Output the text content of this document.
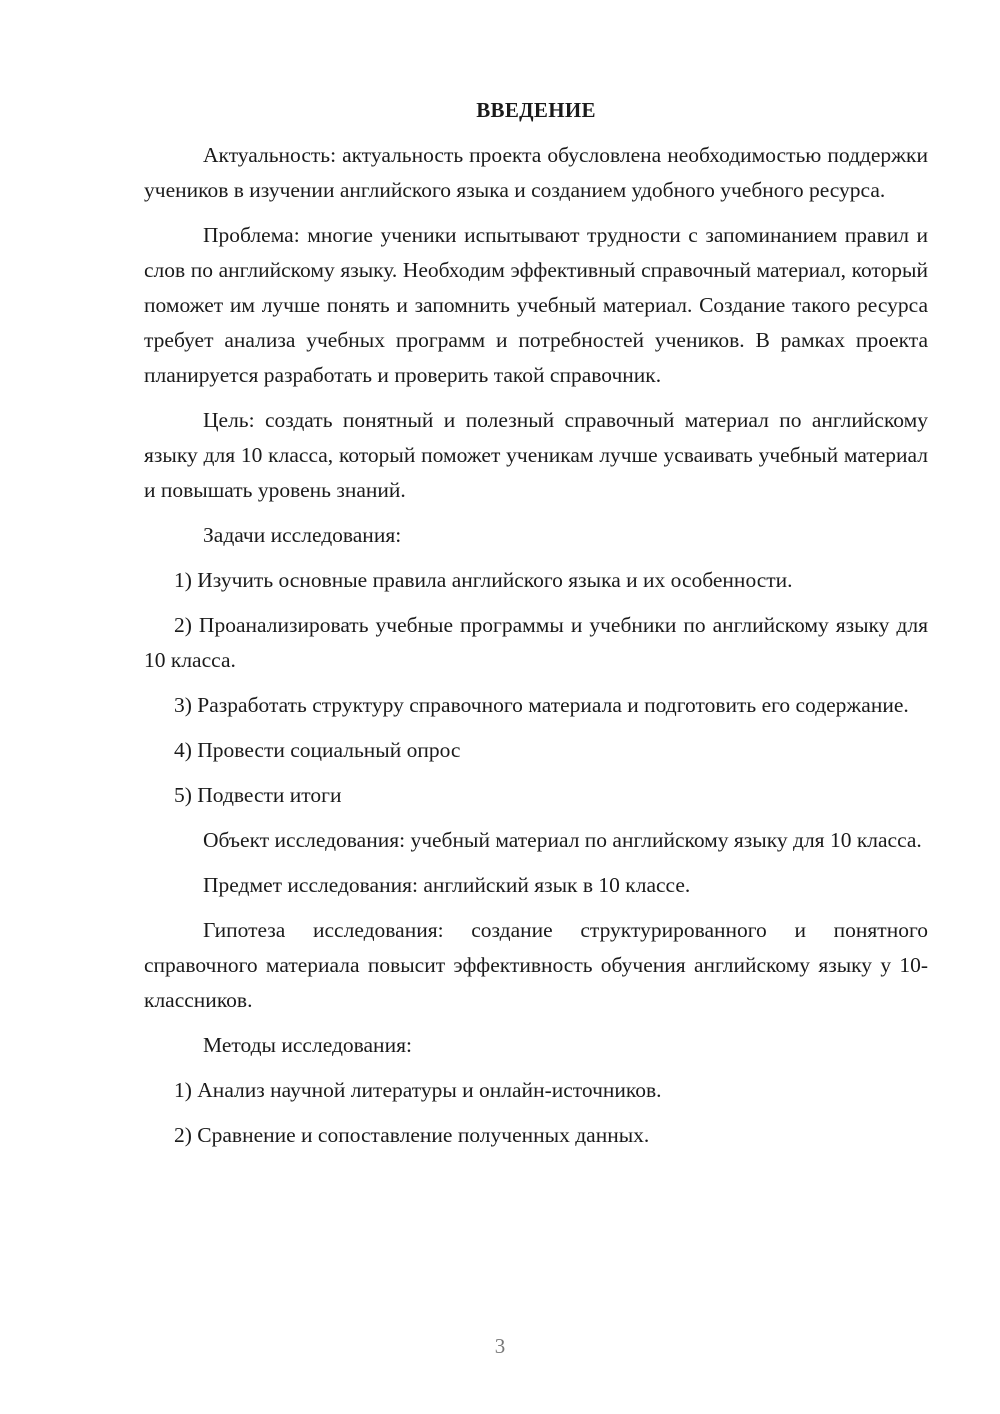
ВВЕДЕНИЕ

Актуальность: актуальность проекта обусловлена необходимостью поддержки учеников в изучении английского языка и созданием удобного учебного ресурса.

Проблема: многие ученики испытывают трудности с запоминанием правил и слов по английскому языку. Необходим эффективный справочный материал, который поможет им лучше понять и запомнить учебный материал. Создание такого ресурса требует анализа учебных программ и потребностей учеников. В рамках проекта планируется разработать и проверить такой справочник.

Цель: создать понятный и полезный справочный материал по английскому языку для 10 класса, который поможет ученикам лучше усваивать учебный материал и повышать уровень знаний.

Задачи исследования:

1) Изучить основные правила английского языка и их особенности.

2) Проанализировать учебные программы и учебники по английскому языку для 10 класса.

3) Разработать структуру справочного материала и подготовить его содержание.

4) Провести социальный опрос

5) Подвести итоги

Объект исследования: учебный материал по английскому языку для 10 класса.

Предмет исследования: английский язык в 10 классе.

Гипотеза исследования: создание структурированного и понятного справочного материала повысит эффективность обучения английскому языку у 10-классников.

Методы исследования:

1) Анализ научной литературы и онлайн-источников.

2) Сравнение и сопоставление полученных данных.

3
